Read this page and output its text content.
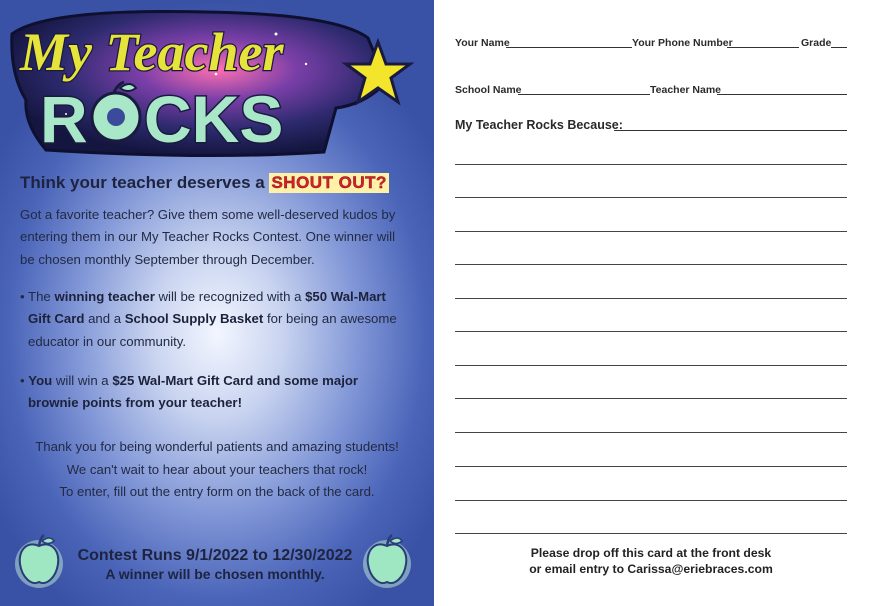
My Teacher
R CKS
Think your teacher deserves a SHOUT OUT?
Got a favorite teacher? Give them some well-deserved kudos by
entering them in our My Teacher Rocks Contest. One winner will
be chosen monthly September through December.
• The winning teacher will be recognized with a $50 Wal-Mart
Gift Card and a School Supply Basket for being an awesome
educator in our community.
• You will win a $25 Wal-Mart Gift Card and some major
brownie points from your teacher!
Thank you for being wonderful patients and amazing students!
We can't wait to hear about your teachers that rock!
To enter, fill out the entry form on the back of the card.
Contest Runs 9/1/2022 to 12/30/2022
A winner will be chosen monthly.
Your Name	Your Phone Number	Grade
School Name	Teacher Name
My Teacher Rocks Because:
Please drop off this card at the front desk
or email entry to Carissa@eriebraces.com
